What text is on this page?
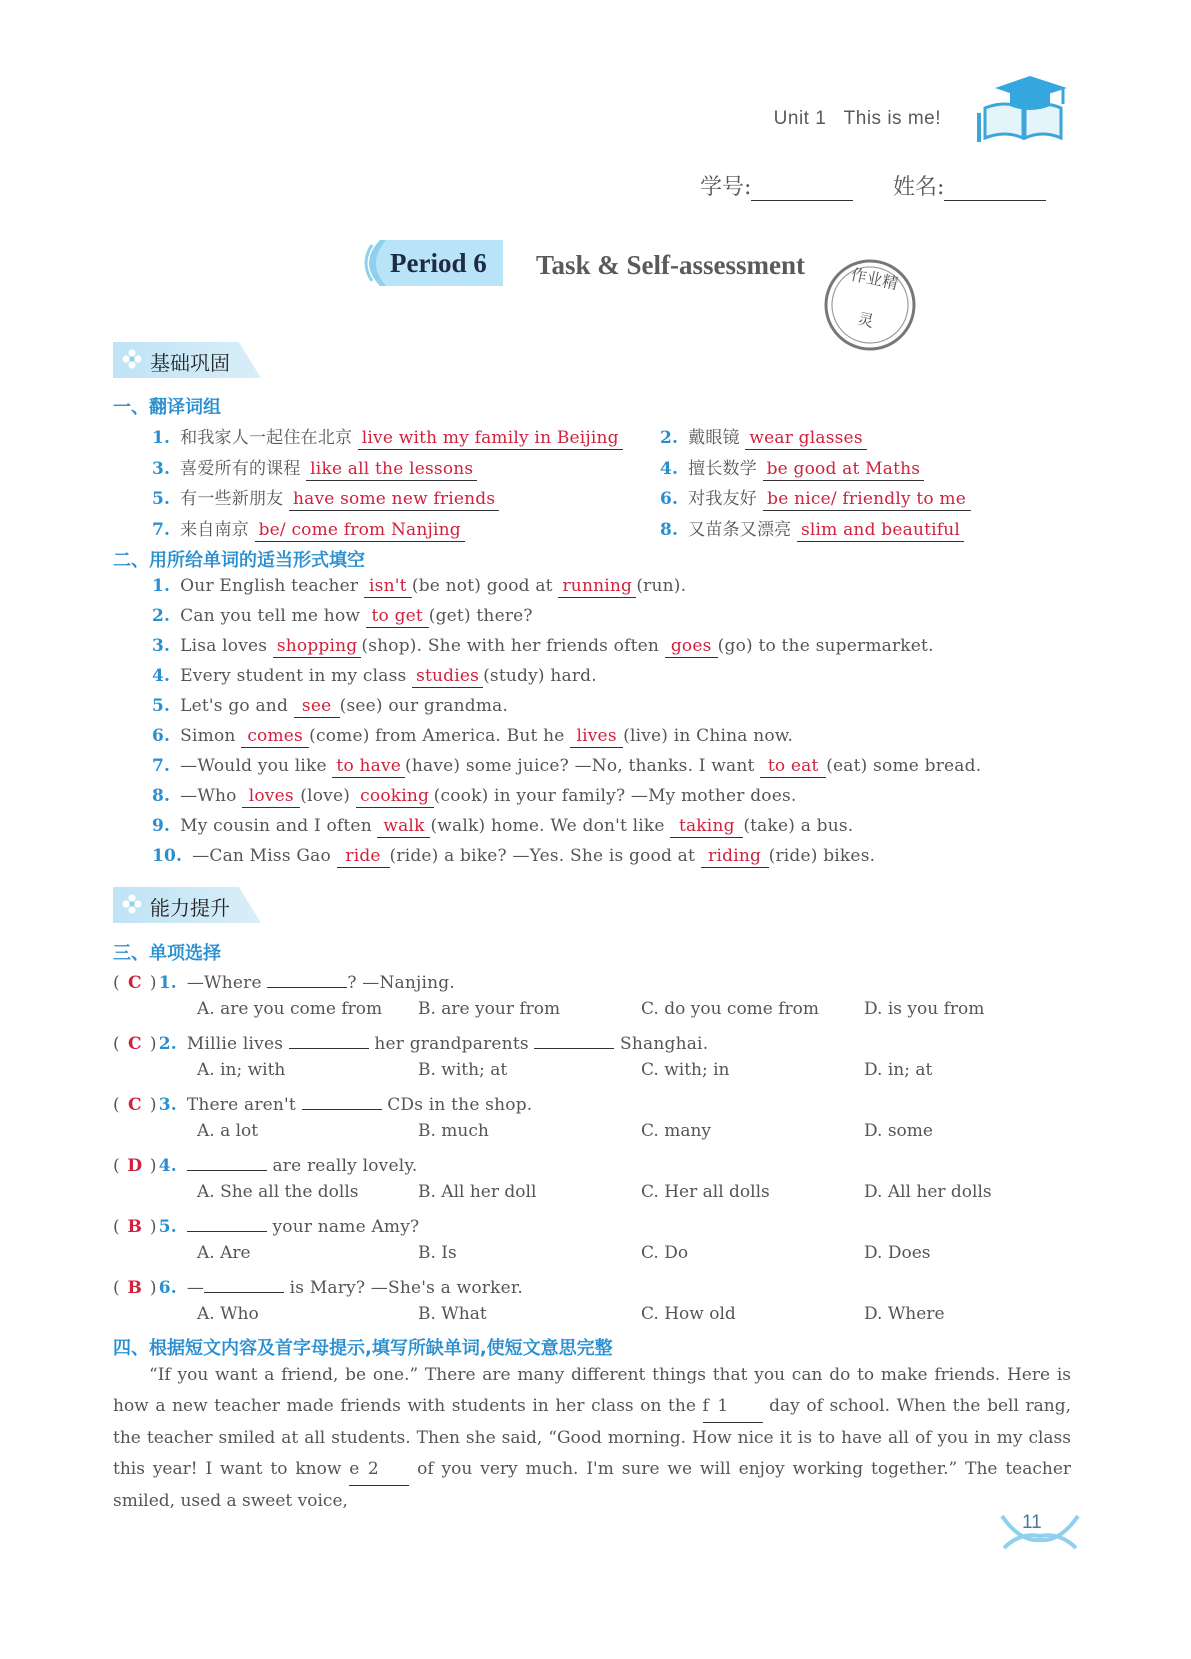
Unit 1 This is me!
学号:	姓名:
Period 6 Task & Self-assessment	作业精灵
基础巩固
一、翻译词组
1. 和我家人一起住在北京 live with my family in Beijing 2. 戴眼镜 wear glasses
3. 喜爱所有的课程 like all the lessons	4. 擅长数学 be good at Maths
5. 有一些新朋友 have some new friends	6. 对我友好 be nice/ friendly to me
7. 来自南京 be/ come from Nanjing	8. 又苗条又漂亮 slim and beautiful
二、用所给单词的适当形式填空
1. Our English teacher isn't (be not) good at running (run).
2. Can you tell me how to get (get) there?
3. Lisa loves shopping (shop). She with her friends often goes (go) to the supermarket.
4. Every student in my class studies (study) hard.
5. Let's go and see (see) our grandma.
6. Simon comes (come) from America. But he lives (live) in China now.
7. —Would you like to have (have) some juice? —No, thanks. I want to eat (eat) some bread.
8. —Who loves (love) cooking (cook) in your family? —My mother does.
9. My cousin and I often walk (walk) home. We don't like taking (take) a bus.
10. —Can Miss Gao ride (ride) a bike? —Yes. She is good at riding (ride) bikes.
能力提升
三、单项选择
( C ) 1. —Where	? —Nanjing.
A. are you come from B. are your from	C. do you come from	D. is you from
( C ) 2. Millie lives	her grandparents	Shanghai.
A. in; with	B. with; at	C. with; in	D. in; at
( C ) 3. There aren't	CDs in the shop.
A. a lot	B. much	C. many	D. some
( D ) 4.	are really lovely.
A. She all the dolls	B. All her doll	C. Her all dolls	D. All her dolls
( B ) 5.	your name Amy?
A. Are	B. Is	C. Do	D. Does
( B ) 6. —	is Mary? —She's a worker.
A. Who	B. What	C. How old	D. Where
四、根据短文内容及首字母提示,填写所缺单词,使短文意思完整
“If you want a friend, be one.” There are many different things that you can do to make friends. Here is how a new teacher made friends with students in her class on the f 1 day of school. When the bell rang, the teacher smiled at all students. Then she said, “Good morning. How nice it is to have all of you in my class this year! I want to know e 2 of you very much. I'm sure we will enjoy working together.” The teacher smiled, used a sweet voice,
11
